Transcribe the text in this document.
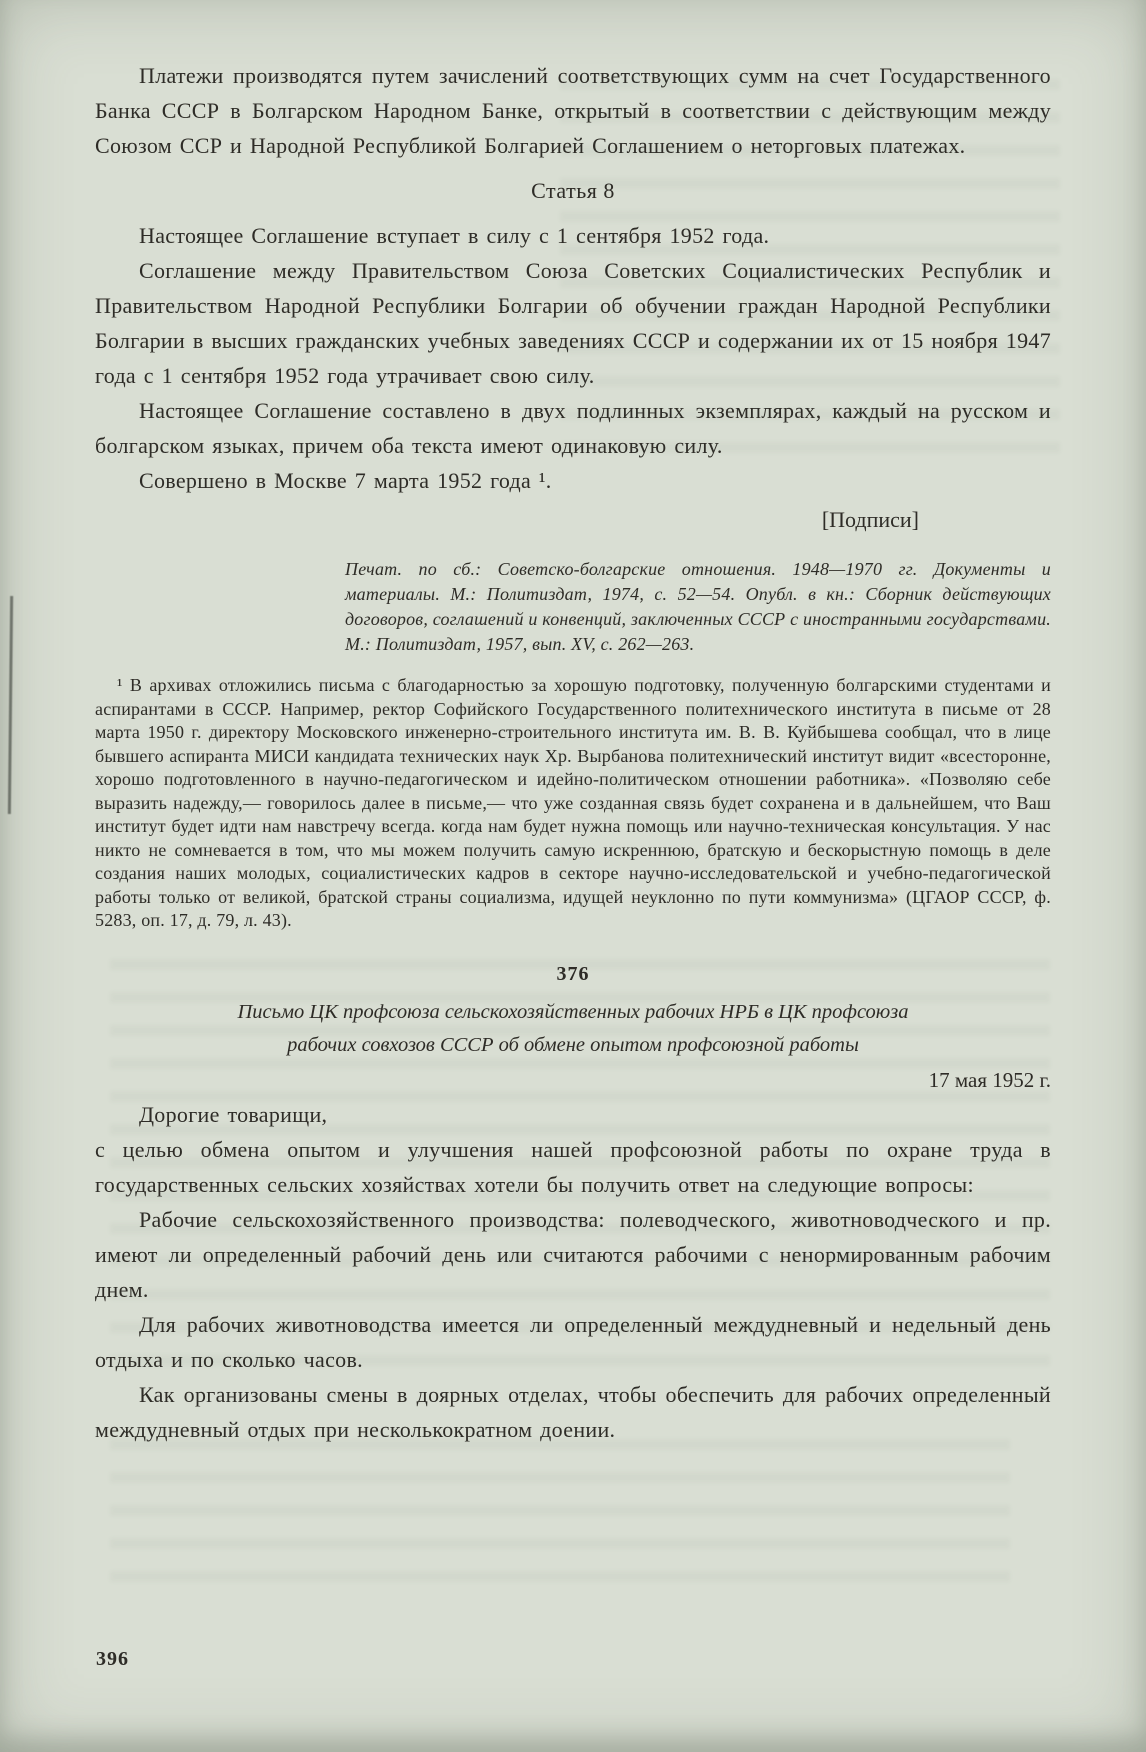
Платежи производятся путем зачислений соответствующих сумм на счет Государственного Банка СССР в Болгарском Народном Банке, открытый в соответствии с действующим между Союзом ССР и Народной Республикой Болгарией Соглашением о неторговых платежах.

Статья 8

Настоящее Соглашение вступает в силу с 1 сентября 1952 года.

Соглашение между Правительством Союза Советских Социалистических Республик и Правительством Народной Республики Болгарии об обучении граждан Народной Республики Болгарии в высших гражданских учебных заведениях СССР и содержании их от 15 ноября 1947 года с 1 сентября 1952 года утрачивает свою силу.

Настоящее Соглашение составлено в двух подлинных экземплярах, каждый на русском и болгарском языках, причем оба текста имеют одинаковую силу.

Совершено в Москве 7 марта 1952 года ¹.

[Подписи]

Печат. по сб.: Советско-болгарские отношения. 1948—1970 гг. Документы и материалы. М.: Политиздат, 1974, с. 52—54. Опубл. в кн.: Сборник действующих договоров, соглашений и конвенций, заключенных СССР с иностранными государствами. М.: Политиздат, 1957, вып. XV, с. 262—263.

¹ В архивах отложились письма с благодарностью за хорошую подготовку, полученную болгарскими студентами и аспирантами в СССР. Например, ректор Софийского Государственного политехнического института в письме от 28 марта 1950 г. директору Московского инженерно-строительного института им. В. В. Куйбышева сообщал, что в лице бывшего аспиранта МИСИ кандидата технических наук Хр. Вырбанова политехнический институт видит «всесторонне, хорошо подготовленного в научно-педагогическом и идейно-политическом отношении работника». «Позволяю себе выразить надежду,— говорилось далее в письме,— что уже созданная связь будет сохранена и в дальнейшем, что Ваш институт будет идти нам навстречу всегда. когда нам будет нужна помощь или научно-техническая консультация. У нас никто не сомневается в том, что мы можем получить самую искреннюю, братскую и бескорыстную помощь в деле создания наших молодых, социалистических кадров в секторе научно-исследовательской и учебно-педагогической работы только от великой, братской страны социализма, идущей неуклонно по пути коммунизма» (ЦГАОР СССР, ф. 5283, оп. 17, д. 79, л. 43).

376

Письмо ЦК профсоюза сельскохозяйственных рабочих НРБ в ЦК профсоюза рабочих совхозов СССР об обмене опытом профсоюзной работы

17 мая 1952 г.

Дорогие товарищи,

с целью обмена опытом и улучшения нашей профсоюзной работы по охране труда в государственных сельских хозяйствах хотели бы получить ответ на следующие вопросы:

Рабочие сельскохозяйственного производства: полеводческого, животноводческого и пр. имеют ли определенный рабочий день или считаются рабочими с ненормированным рабочим днем.

Для рабочих животноводства имеется ли определенный междудневный и недельный день отдыха и по сколько часов.

Как организованы смены в доярных отделах, чтобы обеспечить для рабочих определенный междудневный отдых при несколькократном доении.

396
